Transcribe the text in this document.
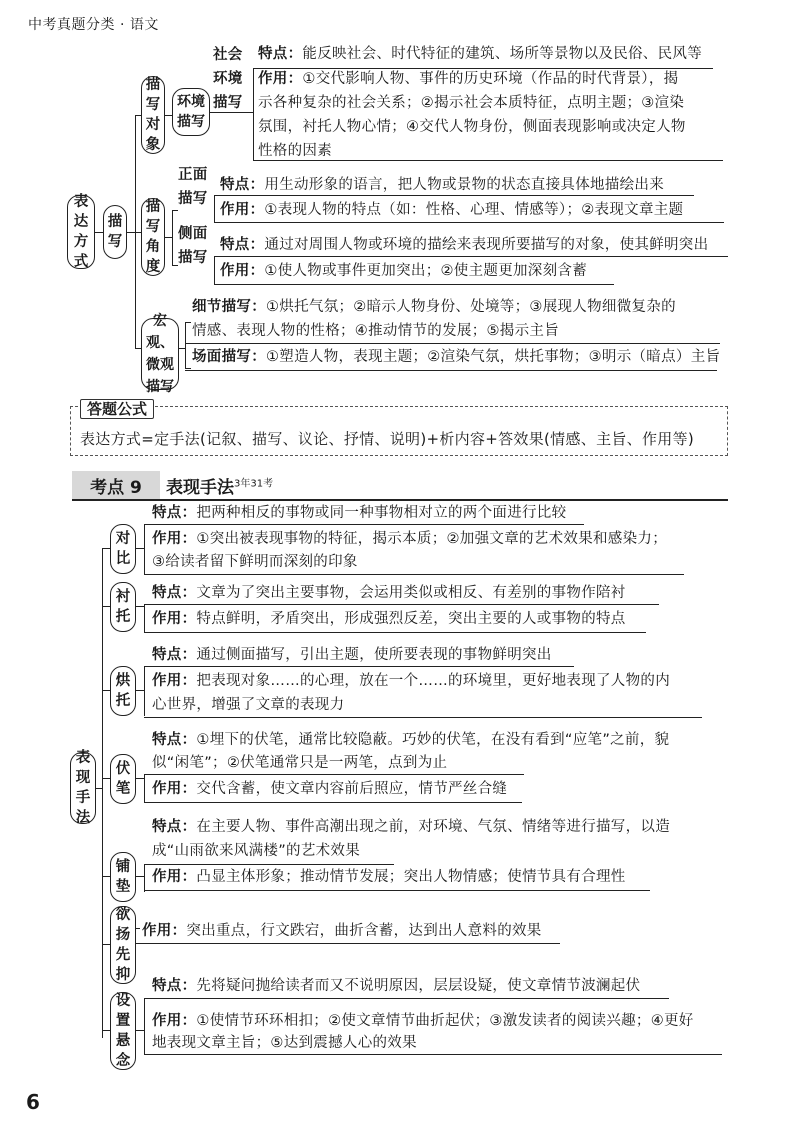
中考真题分类 · 语文
表达方式
描写
描写对象
环境描写
社会环境描写
特点：能反映社会、时代特征的建筑、场所等景物以及民俗、民风等
作用：①交代影响人物、事件的历史环境（作品的时代背景），揭
示各种复杂的社会关系；②揭示社会本质特征，点明主题；③渲染
氛围，衬托人物心情；④交代人物身份，侧面表现影响或决定人物
性格的因素
描写角度
正面描写
侧面描写
特点：用生动形象的语言，把人物或景物的状态直接具体地描绘出来
作用：①表现人物的特点（如：性格、心理、情感等）；②表现文章主题
特点：通过对周围人物或环境的描绘来表现所要描写的对象，使其鲜明突出
作用：①使人物或事件更加突出；②使主题更加深刻含蓄
宏观、微观描写
细节描写：①烘托气氛；②暗示人物身份、处境等；③展现人物细微复杂的
情感、表现人物的性格；④推动情节的发展；⑤揭示主旨
场面描写：①塑造人物，表现主题；②渲染气氛，烘托事物；③明示（暗点）主旨
答题公式
表达方式=定手法(记叙、描写、议论、抒情、说明)+析内容+答效果(情感、主旨、作用等)
考点 9	表现手法$^{3年31考}$
表现手法
对比
特点：把两种相反的事物或同一种事物相对立的两个面进行比较
作用：①突出被表现事物的特征，揭示本质；②加强文章的艺术效果和感染力；
③给读者留下鲜明而深刻的印象
衬托
特点：文章为了突出主要事物，会运用类似或相反、有差别的事物作陪衬
作用：特点鲜明，矛盾突出，形成强烈反差，突出主要的人或事物的特点
烘托
特点：通过侧面描写，引出主题，使所要表现的事物鲜明突出
作用：把表现对象……的心理，放在一个……的环境里，更好地表现了人物的内
心世界，增强了文章的表现力
伏笔
特点：①埋下的伏笔，通常比较隐蔽。巧妙的伏笔，在没有看到“应笔”之前，貌
似“闲笔”；②伏笔通常只是一两笔，点到为止
作用：交代含蓄，使文章内容前后照应，情节严丝合缝
铺垫
特点：在主要人物、事件高潮出现之前，对环境、气氛、情绪等进行描写，以造
成“山雨欲来风满楼”的艺术效果
作用：凸显主体形象；推动情节发展；突出人物情感；使情节具有合理性
欲扬先抑
作用：突出重点，行文跌宕，曲折含蓄，达到出人意料的效果
设置悬念
特点：先将疑问抛给读者而又不说明原因，层层设疑，使文章情节波澜起伏
作用：①使情节环环相扣；②使文章情节曲折起伏；③激发读者的阅读兴趣；④更好
地表现文章主旨；⑤达到震撼人心的效果
6
